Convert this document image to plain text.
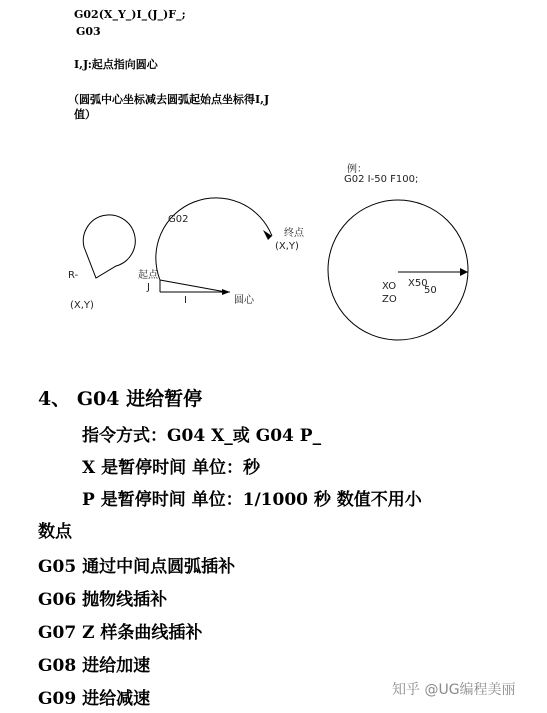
G02(X_Y_)I_(J_)F_;
G03
I,J:起点指向圆心
（圆弧中心坐标减去圆弧起始点坐标得I,J
值）
例：
G02 I-50 F100;
G02
终点
(X,Y)
R-
(X,Y)
起点
J
I	圆心
XO
ZO
X50
50
4、 G04 进给暂停
指令方式：G04 X_或 G04 P_
X 是暂停时间 单位：秒
P 是暂停时间 单位：1/1000 秒 数值不用小
数点
G05 通过中间点圆弧插补
G06 抛物线插补
G07 Z 样条曲线插补
G08 进给加速
G09 进给减速	知乎 @UG编程美丽
